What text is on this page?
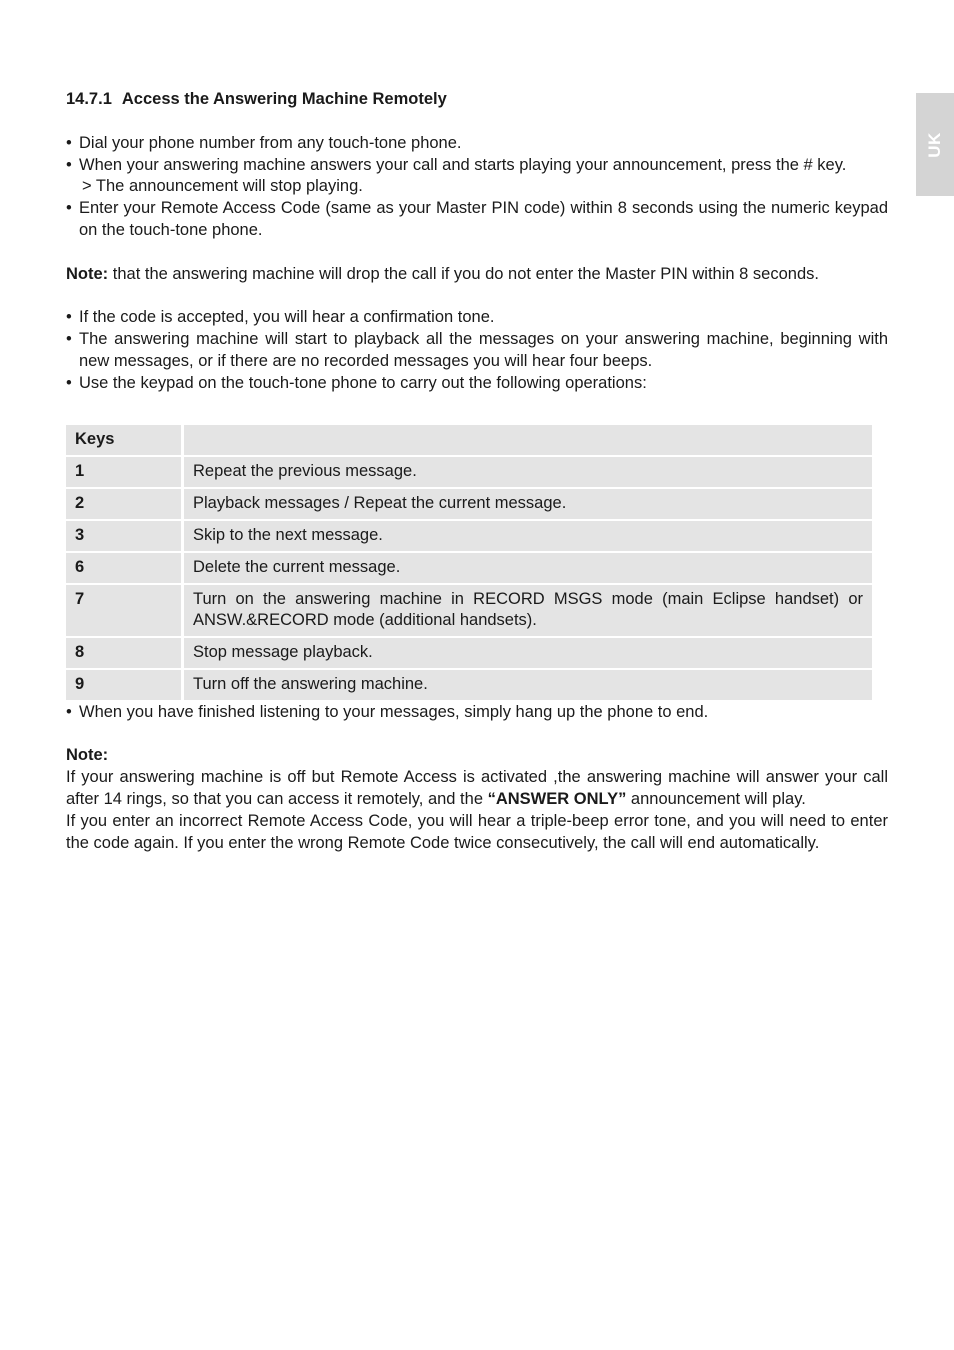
UK
14.7.1 Access the Answering Machine Remotely
• Dial your phone number from any touch-tone phone.
• When your answering machine answers your call and starts playing your announcement, press the # key.
> The announcement will stop playing.
• Enter your Remote Access Code (same as your Master PIN code) within 8 seconds using the numeric keypad on the touch-tone phone.

Note: that the answering machine will drop the call if you do not enter the Master PIN within 8 seconds.

• If the code is accepted, you will hear a confirmation tone.
• The answering machine will start to playback all the messages on your answering machine, beginning with new messages, or if there are no recorded messages you will hear four beeps.
• Use the keypad on the touch-tone phone to carry out the following operations:
Keys	
1	Repeat the previous message.
2	Playback messages / Repeat the current message.
3	Skip to the next message.
6	Delete the current message.
7	Turn on the answering machine in RECORD MSGS mode (main Eclipse handset) or ANSW.&RECORD mode (additional handsets).
8	Stop message playback.
9	Turn off the answering machine.
• When you have finished listening to your messages, simply hang up the phone to end.

Note:

If your answering machine is off but Remote Access is activated ,the answering machine will answer your call after 14 rings, so that you can access it remotely, and the “ANSWER ONLY” announcement will play.

If you enter an incorrect Remote Access Code, you will hear a triple-beep error tone, and you will need to enter the code again. If you enter the wrong Remote Code twice consecutively, the call will end automatically.
